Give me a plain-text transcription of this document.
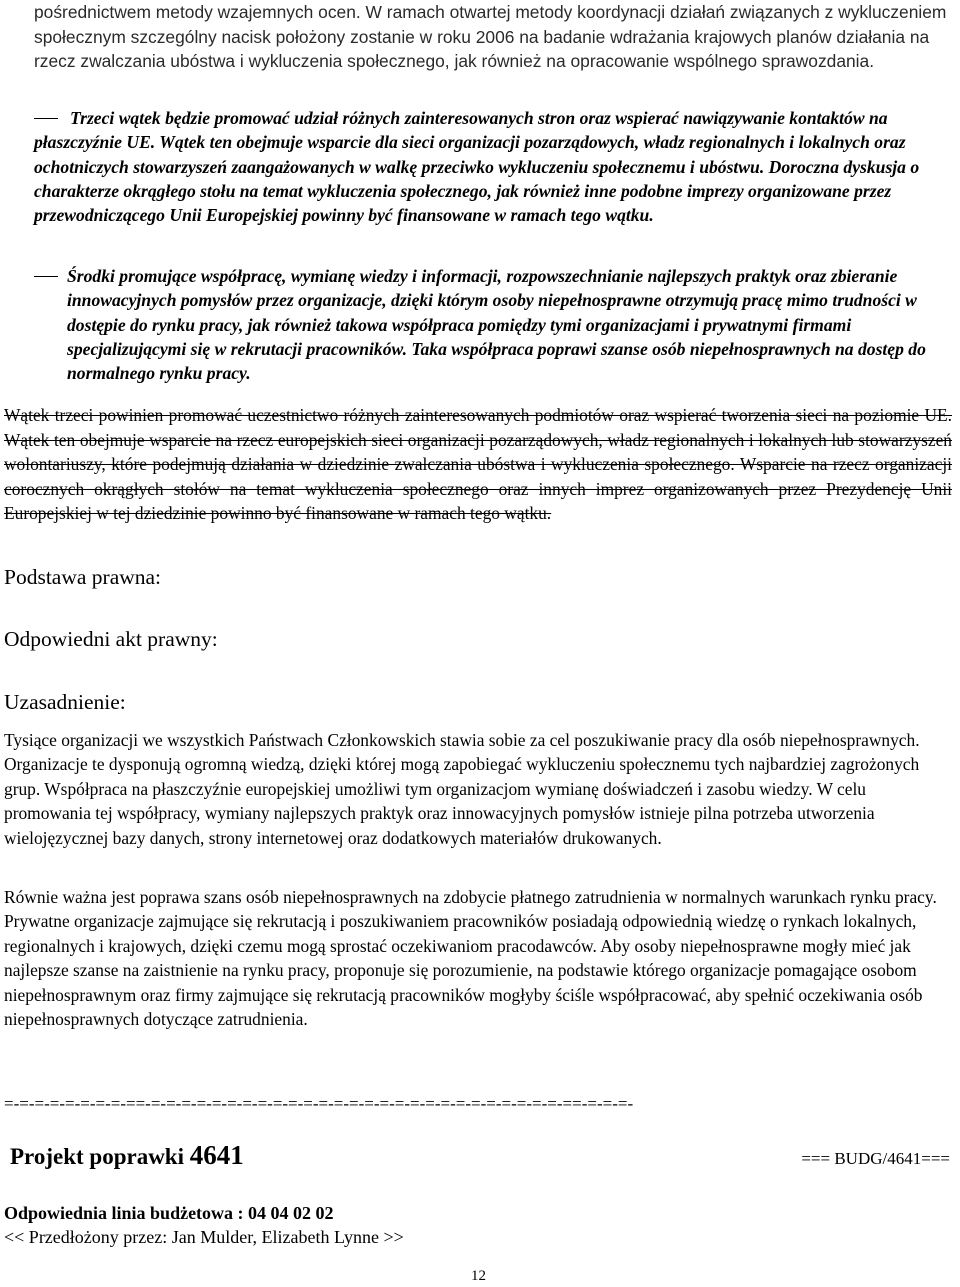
pośrednictwem metody wzajemnych ocen. W ramach otwartej metody koordynacji działań związanych z wykluczeniem społecznym szczególny nacisk położony zostanie w roku 2006 na badanie wdrażania krajowych planów działania na rzecz zwalczania ubóstwa i wykluczenia społecznego, jak również na opracowanie wspólnego sprawozdania.
Trzeci wątek będzie promować udział różnych zainteresowanych stron oraz wspierać nawiązywanie kontaktów na płaszczyźnie UE. Wątek ten obejmuje wsparcie dla sieci organizacji pozarządowych, władz regionalnych i lokalnych oraz ochotniczych stowarzyszeń zaangażowanych w walkę przeciwko wykluczeniu społecznemu i ubóstwu. Doroczna dyskusja o charakterze okrągłego stołu na temat wykluczenia społecznego, jak również inne podobne imprezy organizowane przez przewodniczącego Unii Europejskiej powinny być finansowane w ramach tego wątku.
Środki promujące współpracę, wymianę wiedzy i informacji, rozpowszechnianie najlepszych praktyk oraz zbieranie innowacyjnych pomysłów przez organizacje, dzięki którym osoby niepełnosprawne otrzymują pracę mimo trudności w dostępie do rynku pracy, jak również takowa współpraca pomiędzy tymi organizacjami i prywatnymi firmami specjalizującymi się w rekrutacji pracowników. Taka współpraca poprawi szanse osób niepełnosprawnych na dostęp do normalnego rynku pracy.
Wątek trzeci powinien promować uczestnictwo różnych zainteresowanych podmiotów oraz wspierać tworzenia sieci na poziomie UE. Wątek ten obejmuje wsparcie na rzecz europejskich sieci organizacji pozarządowych, władz regionalnych i lokalnych lub stowarzyszeń wolontariuszy, które podejmują działania w dziedzinie zwalczania ubóstwa i wykluczenia społecznego. Wsparcie na rzecz organizacji corocznych okrągłych stołów na temat wykluczenia społecznego oraz innych imprez organizowanych przez Prezydencję Unii Europejskiej w tej dziedzinie powinno być finansowane w ramach tego wątku.
Podstawa prawna:
Odpowiedni akt prawny:
Uzasadnienie:
Tysiące organizacji we wszystkich Państwach Członkowskich stawia sobie za cel poszukiwanie pracy dla osób niepełnosprawnych. Organizacje te dysponują ogromną wiedzą, dzięki której mogą zapobiegać wykluczeniu społecznemu tych najbardziej zagrożonych grup. Współpraca na płaszczyźnie europejskiej umożliwi tym organizacjom wymianę doświadczeń i zasobu wiedzy. W celu promowania tej współpracy, wymiany najlepszych praktyk oraz innowacyjnych pomysłów istnieje pilna potrzeba utworzenia wielojęzycznej bazy danych, strony internetowej oraz dodatkowych materiałów drukowanych.
Równie ważna jest poprawa szans osób niepełnosprawnych na zdobycie płatnego zatrudnienia w normalnych warunkach rynku pracy. Prywatne organizacje zajmujące się rekrutacją i poszukiwaniem pracowników posiadają odpowiednią wiedzę o rynkach lokalnych, regionalnych i krajowych, dzięki czemu mogą sprostać oczekiwaniom pracodawców. Aby osoby niepełnosprawne mogły mieć jak najlepsze szanse na zaistnienie na rynku pracy, proponuje się porozumienie, na podstawie którego organizacje pomagające osobom niepełnosprawnym oraz firmy zajmujące się rekrutacją pracowników mogłyby ściśle współpracować, aby spełnić oczekiwania osób niepełnosprawnych dotyczące zatrudnienia.
=-=-=-=-=-=-=-=-==-=-=-=-=-=-=-=-=-=-=-=-=-=-=-=-=-=-=-=-=-=-=-=-=-=-=-=-==-=-=-=-
Projekt poprawki 4641	=== BUDG/4641===
Odpowiednia linia budżetowa : 04 04 02 02
<< Przedłożony przez: Jan Mulder, Elizabeth Lynne >>
12
